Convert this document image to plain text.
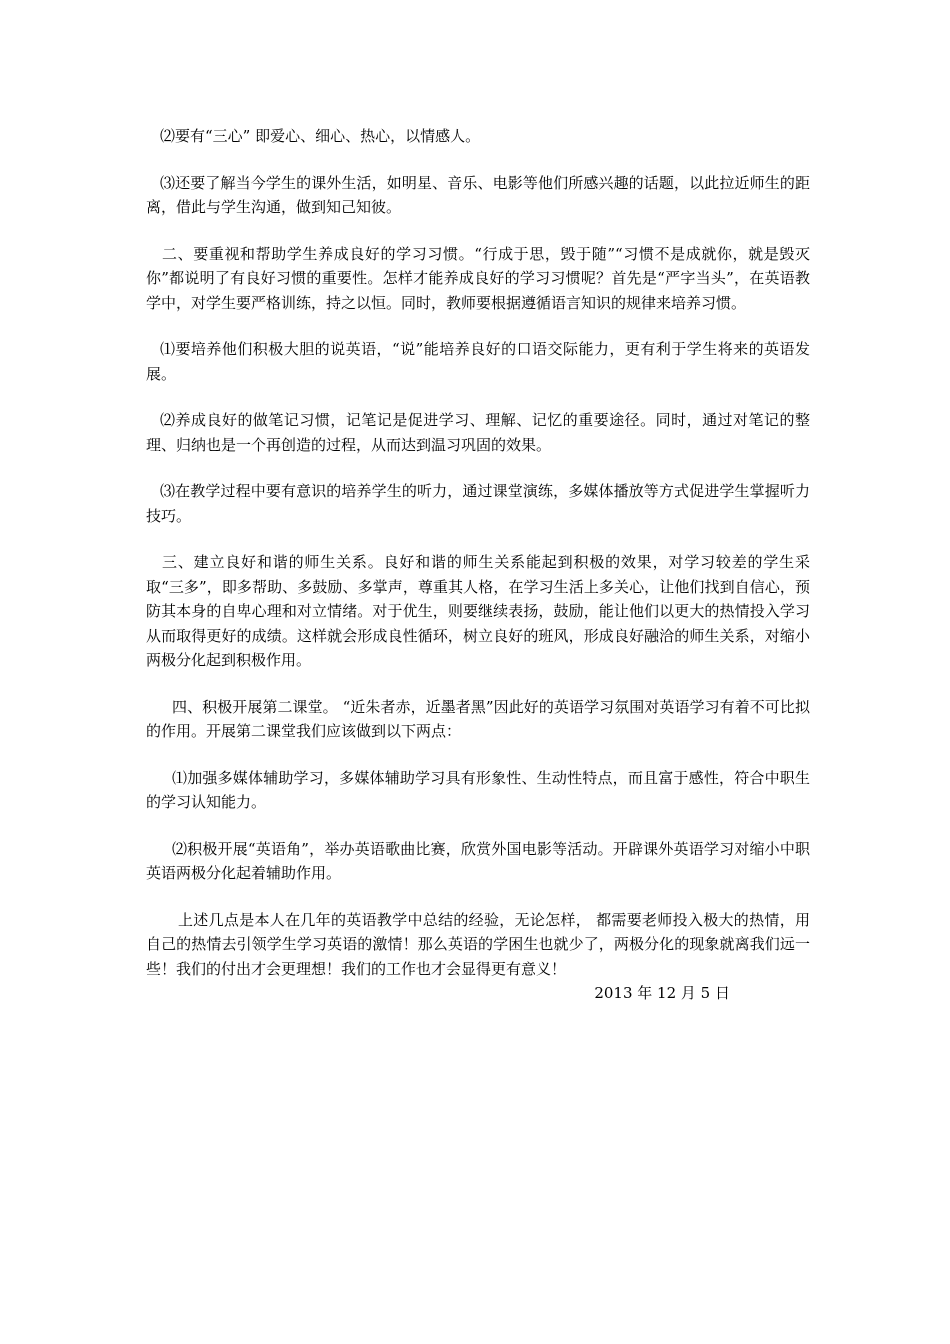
⑵要有“三心” 即爱心、细心、热心，以情感人。

⑶还要了解当今学生的课外生活，如明星、音乐、电影等他们所感兴趣的话题，以此拉近师生的距离，借此与学生沟通，做到知己知彼。

二、要重视和帮助学生养成良好的学习习惯。“行成于思，毁于随”“习惯不是成就你，就是毁灭你”都说明了有良好习惯的重要性。怎样才能养成良好的学习习惯呢？首先是“严字当头”，在英语教学中，对学生要严格训练，持之以恒。同时，教师要根据遵循语言知识的规律来培养习惯。

⑴要培养他们积极大胆的说英语，“说”能培养良好的口语交际能力，更有利于学生将来的英语发展。

⑵养成良好的做笔记习惯，记笔记是促进学习、理解、记忆的重要途径。同时，通过对笔记的整理、归纳也是一个再创造的过程，从而达到温习巩固的效果。

⑶在教学过程中要有意识的培养学生的听力，通过课堂演练，多媒体播放等方式促进学生掌握听力技巧。

三、建立良好和谐的师生关系。良好和谐的师生关系能起到积极的效果，对学习较差的学生采取“三多”，即多帮助、多鼓励、多掌声，尊重其人格，在学习生活上多关心，让他们找到自信心，预防其本身的自卑心理和对立情绪。对于优生，则要继续表扬，鼓励，能让他们以更大的热情投入学习从而取得更好的成绩。这样就会形成良性循环，树立良好的班风，形成良好融洽的师生关系，对缩小两极分化起到积极作用。

四、积极开展第二课堂。 “近朱者赤，近墨者黑”因此好的英语学习氛围对英语学习有着不可比拟的作用。开展第二课堂我们应该做到以下两点：

⑴加强多媒体辅助学习，多媒体辅助学习具有形象性、生动性特点，而且富于感性，符合中职生的学习认知能力。

⑵积极开展“英语角”，举办英语歌曲比赛，欣赏外国电影等活动。开辟课外英语学习对缩小中职英语两极分化起着辅助作用。

上述几点是本人在几年的英语教学中总结的经验，无论怎样， 都需要老师投入极大的热情，用自己的热情去引领学生学习英语的激情！那么英语的学困生也就少了，两极分化的现象就离我们远一些！我们的付出才会更理想！我们的工作也才会显得更有意义！

2013 年 12 月 5 日
